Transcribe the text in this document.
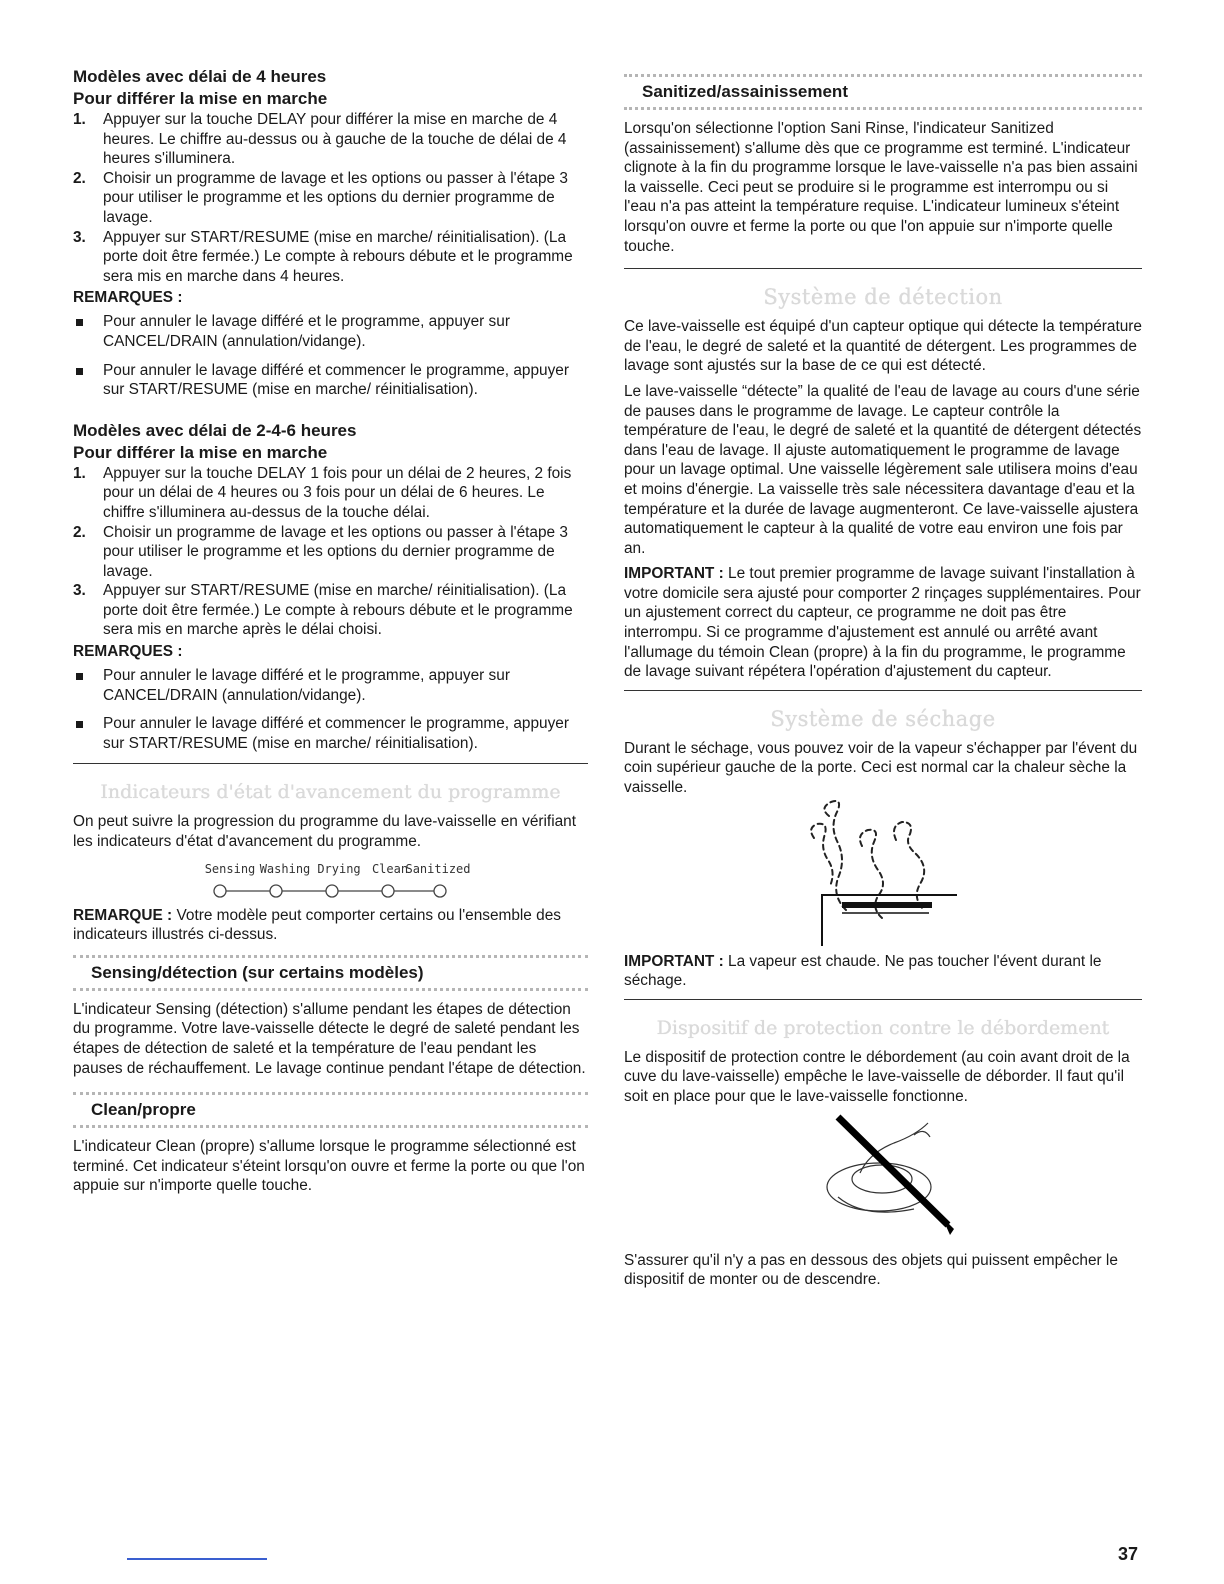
Modèles avec délai de 4 heures
Pour différer la mise en marche
1. Appuyer sur la touche DELAY pour différer la mise en marche de 4 heures. Le chiffre au-dessus ou à gauche de la touche de délai de 4 heures s'illuminera.
2. Choisir un programme de lavage et les options ou passer à l'étape 3 pour utiliser le programme et les options du dernier programme de lavage.
3. Appuyer sur START/RESUME (mise en marche/ réinitialisation). (La porte doit être fermée.) Le compte à rebours débute et le programme sera mis en marche dans 4 heures.
REMARQUES :
Pour annuler le lavage différé et le programme, appuyer sur CANCEL/DRAIN (annulation/vidange).
Pour annuler le lavage différé et commencer le programme, appuyer sur START/RESUME (mise en marche/ réinitialisation).
Modèles avec délai de 2-4-6 heures
Pour différer la mise en marche
1. Appuyer sur la touche DELAY 1 fois pour un délai de 2 heures, 2 fois pour un délai de 4 heures ou 3 fois pour un délai de 6 heures. Le chiffre s'illuminera au-dessus de la touche délai.
2. Choisir un programme de lavage et les options ou passer à l'étape 3 pour utiliser le programme et les options du dernier programme de lavage.
3. Appuyer sur START/RESUME (mise en marche/ réinitialisation). (La porte doit être fermée.) Le compte à rebours débute et le programme sera mis en marche après le délai choisi.
REMARQUES :
Pour annuler le lavage différé et le programme, appuyer sur CANCEL/DRAIN (annulation/vidange).
Pour annuler le lavage différé et commencer le programme, appuyer sur START/RESUME (mise en marche/ réinitialisation).
Indicateurs d'état d'avancement du programme
On peut suivre la progression du programme du lave-vaisselle en vérifiant les indicateurs d'état d'avancement du programme.
Sensing Washing Drying Clean
Sanitized
REMARQUE : Votre modèle peut comporter certains ou l'ensemble des indicateurs illustrés ci-dessus.
Sensing/détection (sur certains modèles)
L'indicateur Sensing (détection) s'allume pendant les étapes de détection du programme. Votre lave-vaisselle détecte le degré de saleté pendant les étapes de détection de saleté et la température de l'eau pendant les pauses de réchauffement. Le lavage continue pendant l'étape de détection.
Clean/propre
L'indicateur Clean (propre) s'allume lorsque le programme sélectionné est terminé. Cet indicateur s'éteint lorsqu'on ouvre et ferme la porte ou que l'on appuie sur n'importe quelle touche.
Sanitized/assainissement
Lorsqu'on sélectionne l'option Sani Rinse, l'indicateur Sanitized (assainissement) s'allume dès que ce programme est terminé. L'indicateur clignote à la fin du programme lorsque le lave-vaisselle n'a pas bien assaini la vaisselle. Ceci peut se produire si le programme est interrompu ou si l'eau n'a pas atteint la température requise. L'indicateur lumineux s'éteint lorsqu'on ouvre et ferme la porte ou que l'on appuie sur n'importe quelle touche.
Système de détection
Ce lave-vaisselle est équipé d'un capteur optique qui détecte la température de l'eau, le degré de saleté et la quantité de détergent. Les programmes de lavage sont ajustés sur la base de ce qui est détecté.
Le lave-vaisselle “détecte” la qualité de l'eau de lavage au cours d'une série de pauses dans le programme de lavage. Le capteur contrôle la température de l'eau, le degré de saleté et la quantité de détergent détectés dans l'eau de lavage. Il ajuste automatiquement le programme de lavage pour un lavage optimal. Une vaisselle légèrement sale utilisera moins d'eau et moins d'énergie. La vaisselle très sale nécessitera davantage d'eau et la température et la durée de lavage augmenteront. Ce lave-vaisselle ajustera automatiquement le capteur à la qualité de votre eau environ une fois par an.
IMPORTANT : Le tout premier programme de lavage suivant l'installation à votre domicile sera ajusté pour comporter 2 rinçages supplémentaires. Pour un ajustement correct du capteur, ce programme ne doit pas être interrompu. Si ce programme d'ajustement est annulé ou arrêté avant l'allumage du témoin Clean (propre) à la fin du programme, le programme de lavage suivant répétera l'opération d'ajustement du capteur.
Système de séchage
Durant le séchage, vous pouvez voir de la vapeur s'échapper par l'évent du coin supérieur gauche de la porte. Ceci est normal car la chaleur sèche la vaisselle.
IMPORTANT : La vapeur est chaude. Ne pas toucher l'évent durant le séchage.
Dispositif de protection contre le débordement
Le dispositif de protection contre le débordement (au coin avant droit de la cuve du lave-vaisselle) empêche le lave-vaisselle de déborder. Il faut qu'il soit en place pour que le lave-vaisselle fonctionne.
S'assurer qu'il n'y a pas en dessous des objets qui puissent empêcher le dispositif de monter ou de descendre.
37
